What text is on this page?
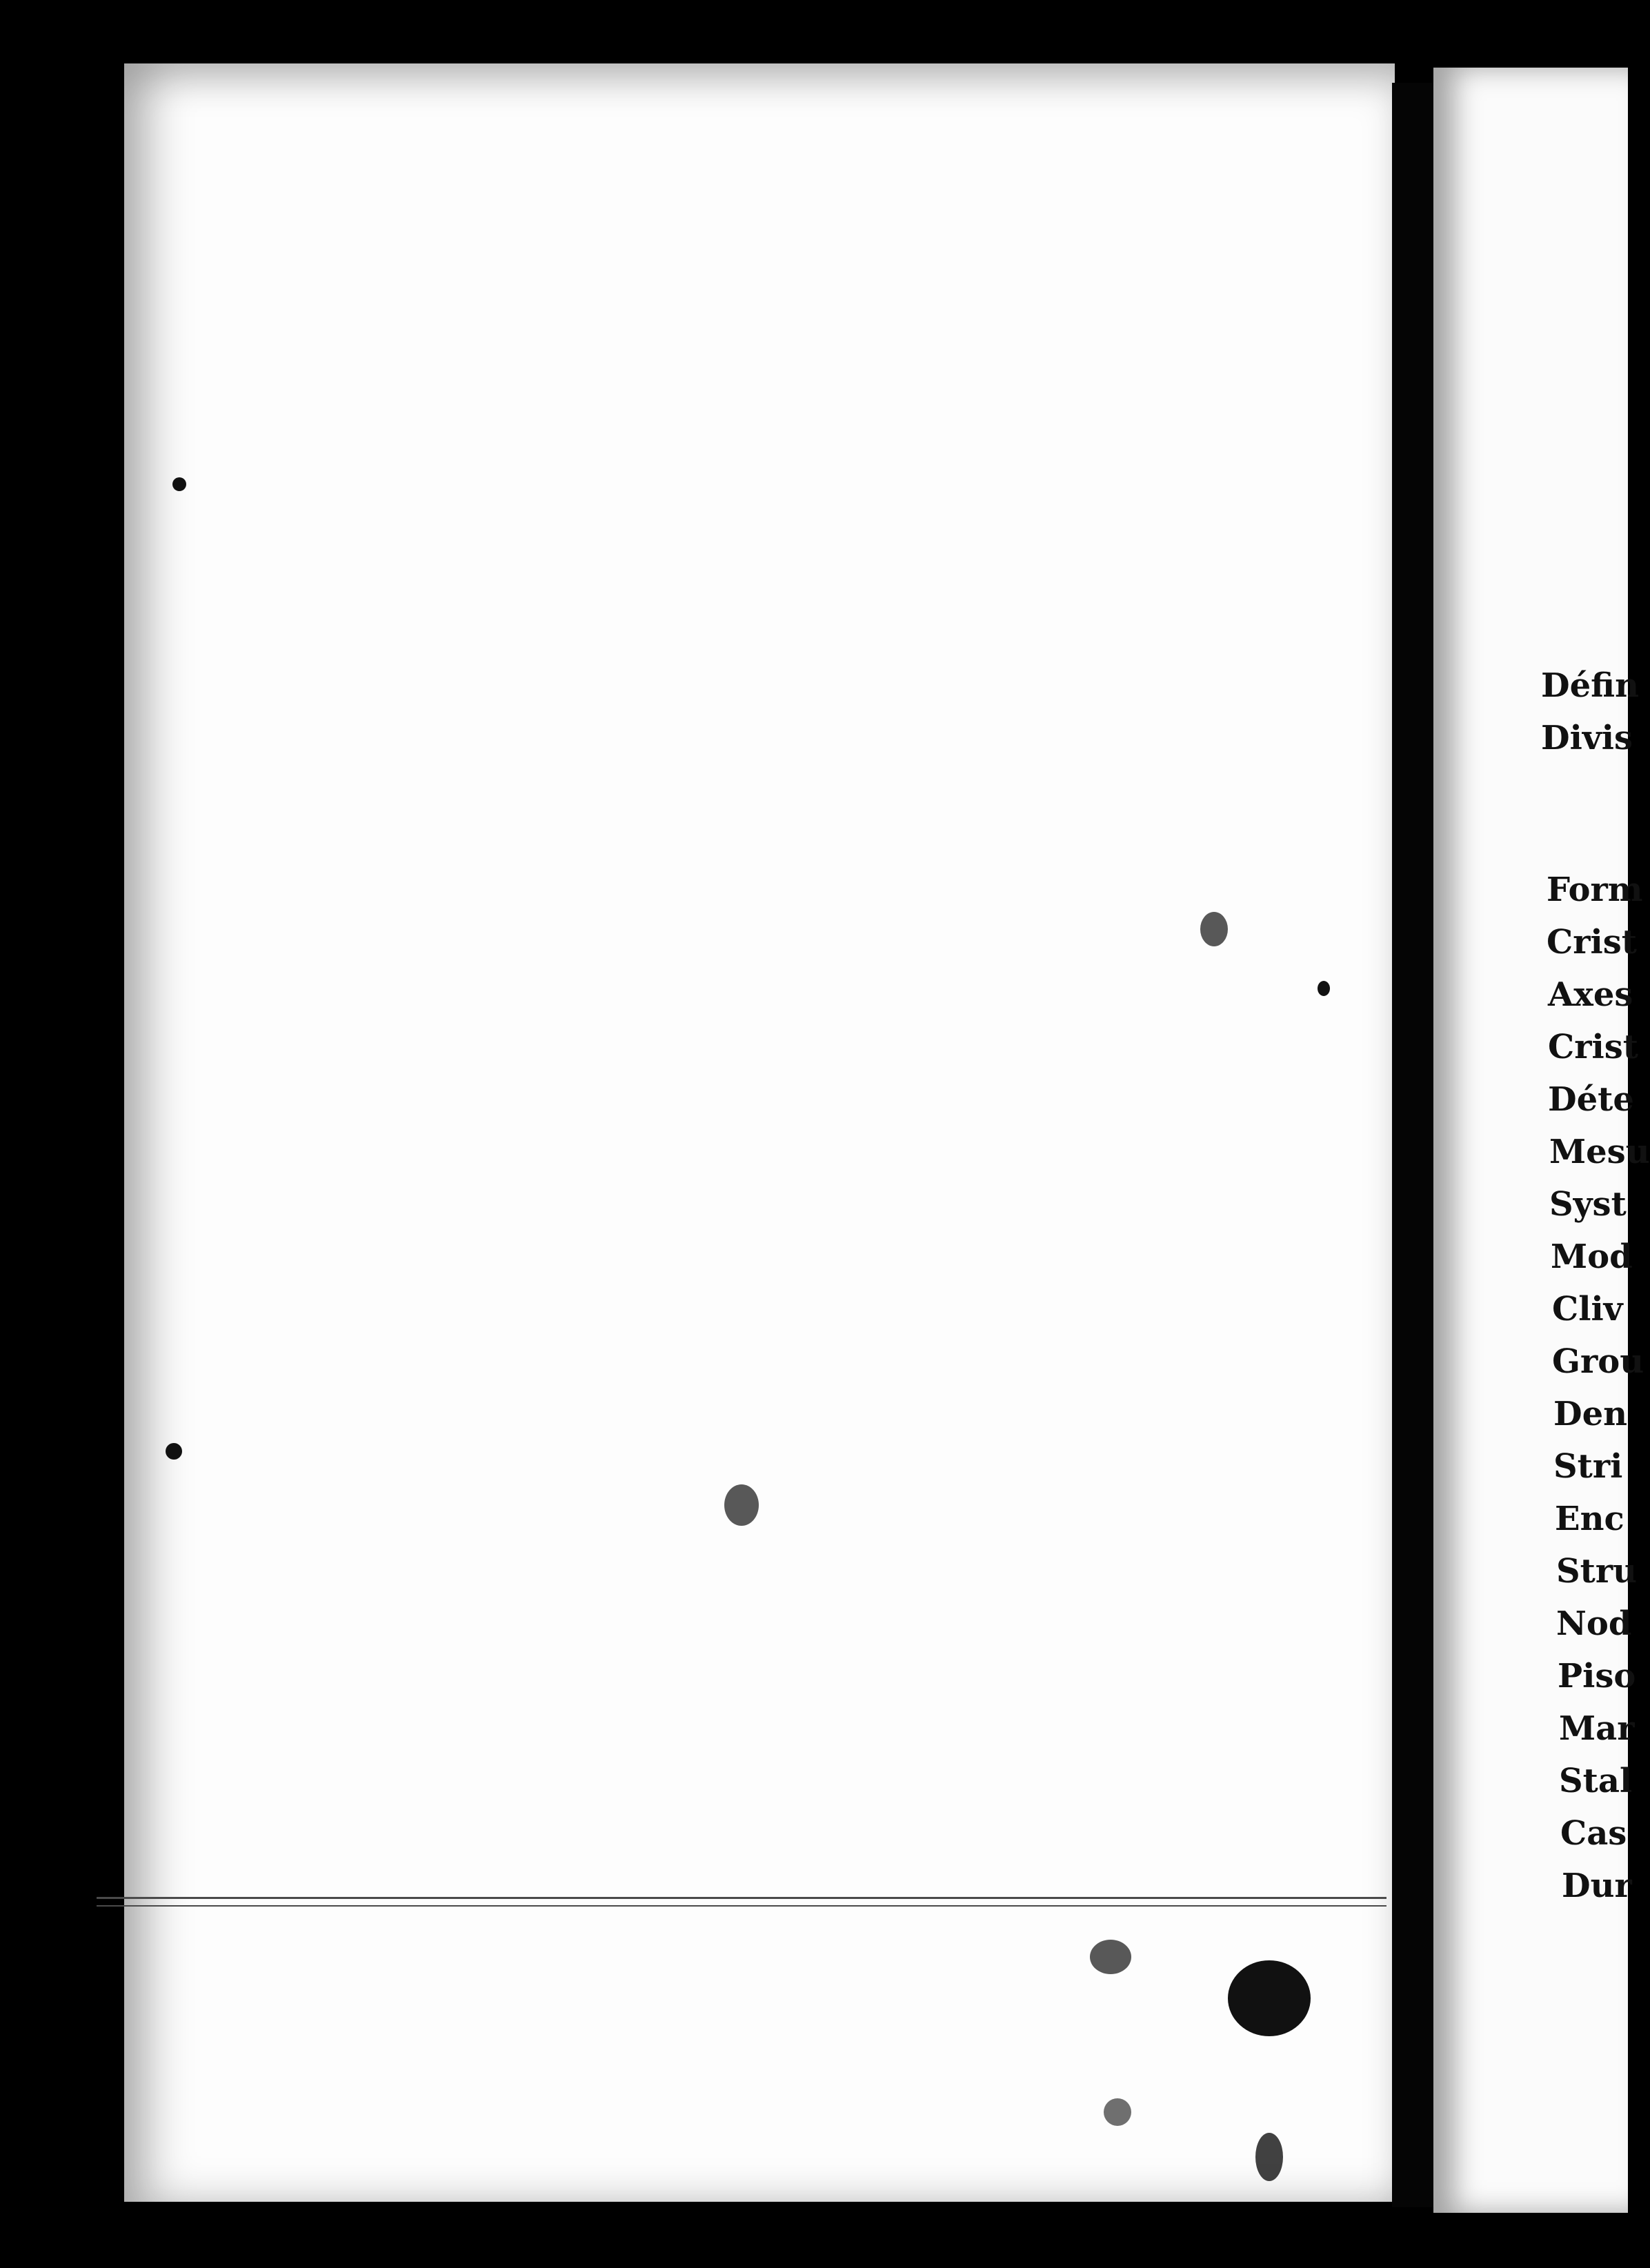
Défin
Divis
Form
Crist
Axes
Crist
Déte
Mesu
Syst
Mod
Cliv
Grou
Den
Stri
Enc
Stru
Nod
Piso
Mar
Stal
Cas
Dur
